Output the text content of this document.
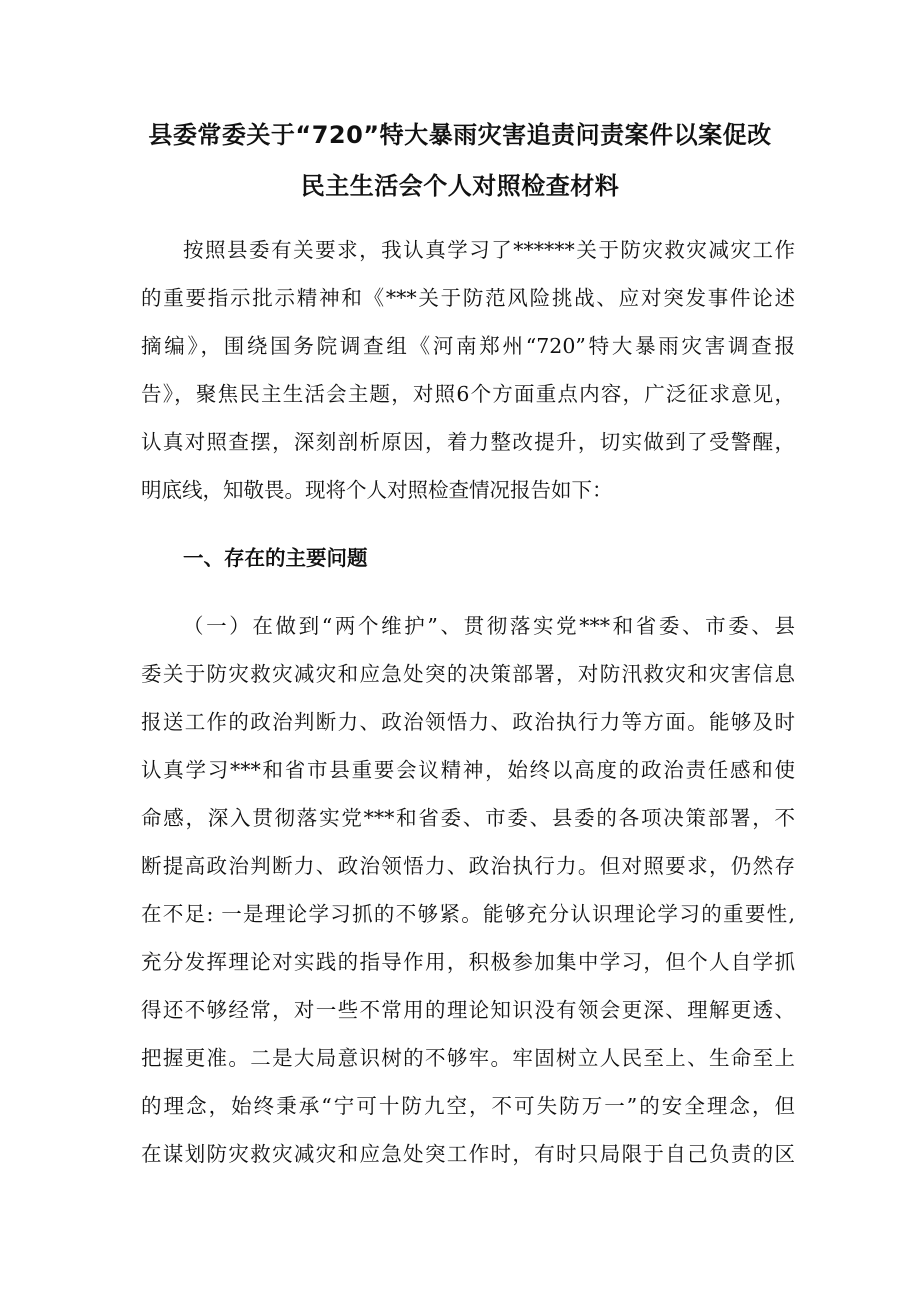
县委常委关于“720”特大暴雨灾害追责问责案件以案促改
民主生活会个人对照检查材料
按照县委有关要求，我认真学习了******关于防灾救灾减灾工作
的重要指示批示精神和《***关于防范风险挑战、应对突发事件论述
摘编》，围绕国务院调查组《河南郑州“720”特大暴雨灾害调查报
告》，聚焦民主生活会主题，对照6个方面重点内容，广泛征求意见，
认真对照查摆，深刻剖析原因，着力整改提升，切实做到了受警醒，
明底线，知敬畏。现将个人对照检查情况报告如下：
一、存在的主要问题
（一）在做到“两个维护”、贯彻落实党***和省委、市委、县
委关于防灾救灾减灾和应急处突的决策部署，对防汛救灾和灾害信息
报送工作的政治判断力、政治领悟力、政治执行力等方面。能够及时
认真学习***和省市县重要会议精神，始终以高度的政治责任感和使
命感，深入贯彻落实党***和省委、市委、县委的各项决策部署，不
断提高政治判断力、政治领悟力、政治执行力。但对照要求，仍然存
在不足: 一是理论学习抓的不够紧。能够充分认识理论学习的重要性,
充分发挥理论对实践的指导作用，积极参加集中学习，但个人自学抓
得还不够经常，对一些不常用的理论知识没有领会更深、理解更透、
把握更准。二是大局意识树的不够牢。牢固树立人民至上、生命至上
的理念，始终秉承“宁可十防九空，不可失防万一”的安全理念，但
在谋划防灾救灾减灾和应急处突工作时，有时只局限于自己负责的区
